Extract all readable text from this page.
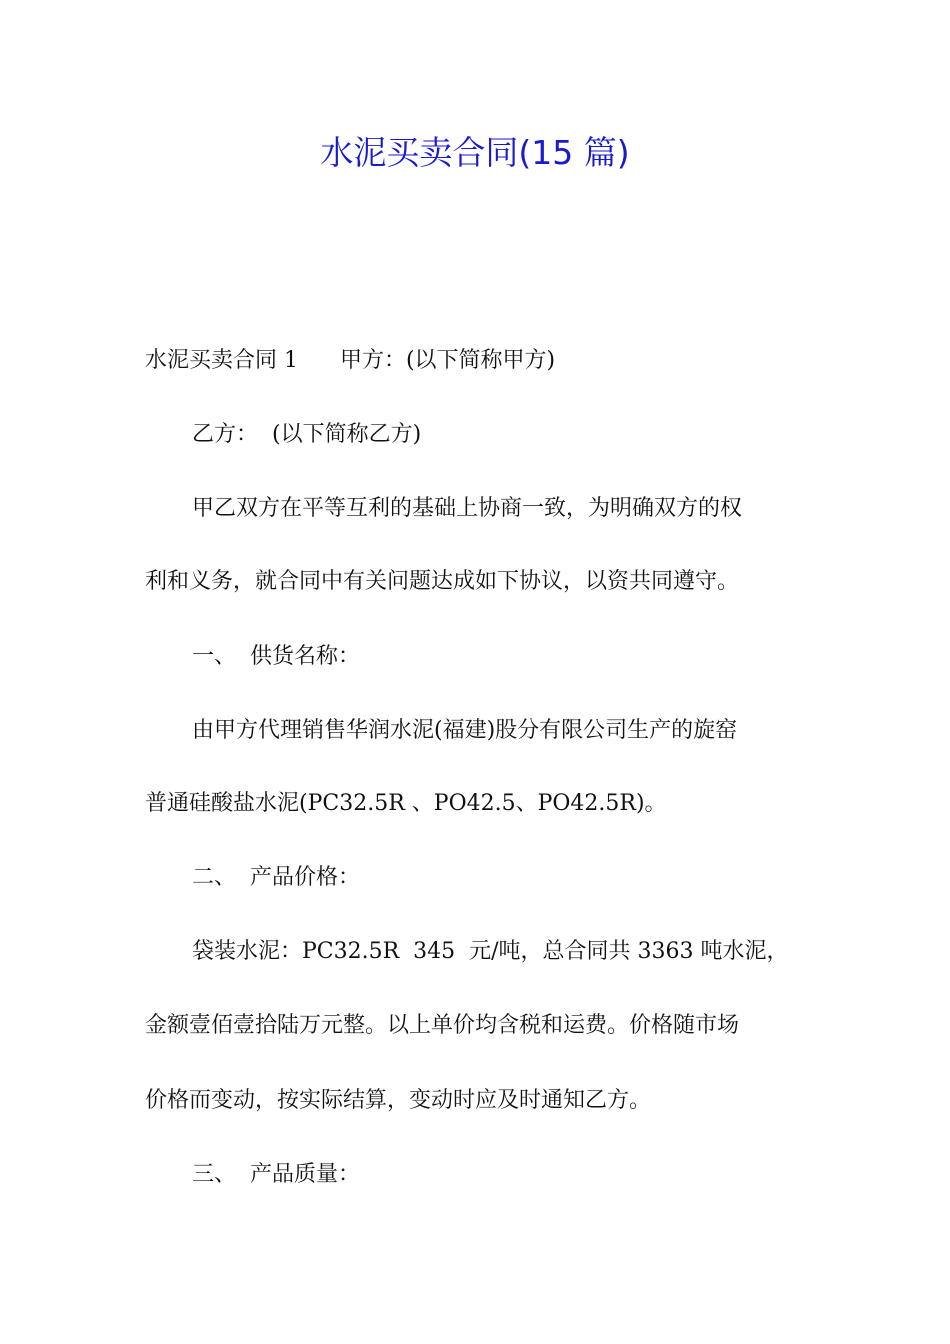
水泥买卖合同(15 篇)
水泥买卖合同 1      甲方：(以下简称甲方)
乙方：  (以下简称乙方)
甲乙双方在平等互利的基础上协商一致，为明确双方的权
利和义务，就合同中有关问题达成如下协议，以资共同遵守。
一、  供货名称：
由甲方代理销售华润水泥(福建)股分有限公司生产的旋窑
普通硅酸盐水泥(PC32.5R 、PO42.5、PO42.5R)。
二、  产品价格：
袋装水泥：PC32.5R  345  元/吨，总合同共 3363 吨水泥，
金额壹佰壹拾陆万元整。以上单价均含税和运费。价格随市场
价格而变动，按实际结算，变动时应及时通知乙方。
三、  产品质量：
